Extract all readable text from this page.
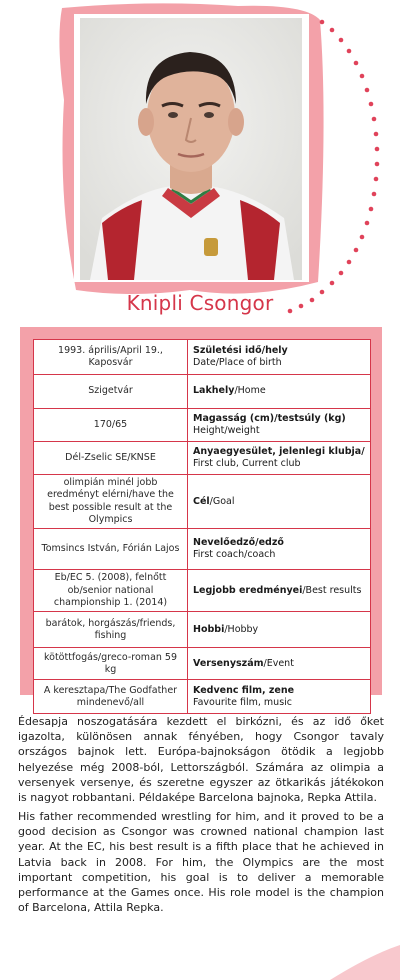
Knipli Csongor
1993. április/April 19., Kaposvár	Születési idő/hely
Date/Place of birth
Szigetvár	Lakhely/Home
170/65	Magasság (cm)/testsúly (kg)
Height/weight
Dél-Zselic SE/KNSE	Anyaegyesület, jelenlegi klubja/
First club, Current club
olimpián minél jobb eredményt elérni/have the best possible result at the Olympics	Cél/Goal
Tomsincs István, Fórián Lajos	Nevelőedző/edző
First coach/coach
Eb/EC 5. (2008), felnőtt ob/senior national championship 1. (2014)	Legjobb eredményei/Best results
barátok, horgászás/friends, fishing	Hobbi/Hobby
kötöttfogás/greco-roman 59 kg	Versenyszám/Event
A keresztapa/The Godfather mindenevő/all	Kedvenc film, zene
Favourite film, music

Édesapja noszogatására kezdett el birkózni, és az idő őket igazolta, különösen annak fényében, hogy Csongor tavaly országos bajnok lett. Európa-bajnokságon ötödik a legjobb helyezése még 2008-ból, Lettországból. Számára az olimpia a versenyek versenye, és szeretne egyszer az ötkarikás játékokon is nagyot robbantani. Példaképe Barcelona bajnoka, Repka Attila.

His father recommended wrestling for him, and it proved to be a good decision as Csongor was crowned national champion last year. At the EC, his best result is a fifth place that he achieved in Latvia back in 2008. For him, the Olympics are the most important competition, his goal is to deliver a memorable performance at the Games once. His role model is the champion of Barcelona, Attila Repka.
